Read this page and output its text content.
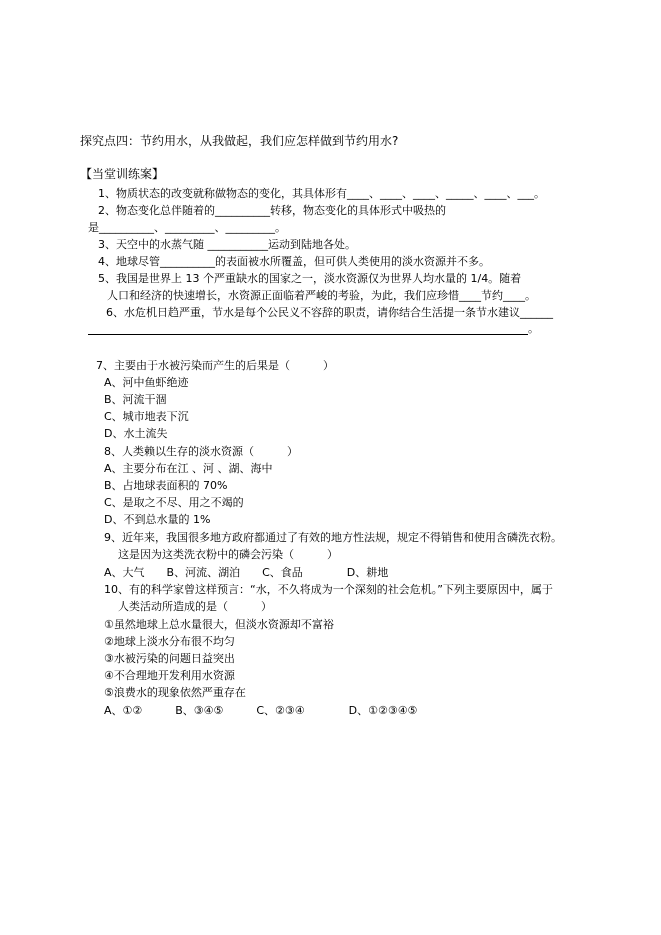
探究点四：节约用水，从我做起，我们应怎样做到节约用水?
【当堂训练案】
1、物质状态的改变就称做物态的变化，其具体形有____、____、____、_____、____、___。
2、物态变化总伴随着的__________转移，物态变化的具体形式中吸热的
是__________、_________、_________。
3、天空中的水蒸气随 ___________运动到陆地各处。
4、地球尽管__________的表面被水所覆盖，但可供人类使用的淡水资源并不多。
5、我国是世界上 13 个严重缺水的国家之一，淡水资源仅为世界人均水量的 1/4。随着
人口和经济的快速增长，水资源正面临着严峻的考验，为此，我们应珍惜____节约____。
6、水危机日趋严重，节水是每个公民义不容辞的职责，请你结合生活提一条节水建议______
。
7、主要由于水被污染而产生的后果是（　　　）
A、河中鱼虾绝迹
B、河流干涸
C、城市地表下沉
D、水土流失
8、人类赖以生存的淡水资源（　　　）
A、主要分布在江 、河 、湖、海中
B、占地球表面积的 70%
C、是取之不尽、用之不竭的
D、不到总水量的 1%
9、近年来，我国很多地方政府都通过了有效的地方性法规，规定不得销售和使用含磷洗衣粉。
这是因为这类洗衣粉中的磷会污染（　　　）
A、大气　　B、河流、湖泊　　C、食品　　　　D、耕地
10、有的科学家曾这样预言：“水，不久将成为一个深刻的社会危机。”下列主要原因中，属于
人类活动所造成的是（　　　）
①虽然地球上总水量很大，但淡水资源却不富裕
②地球上淡水分布很不均匀
③水被污染的问题日益突出
④不合理地开发利用水资源
⑤浪费水的现象依然严重存在
A、①②　　　B、③④⑤　　　C、②③④　　　　D、①②③④⑤
